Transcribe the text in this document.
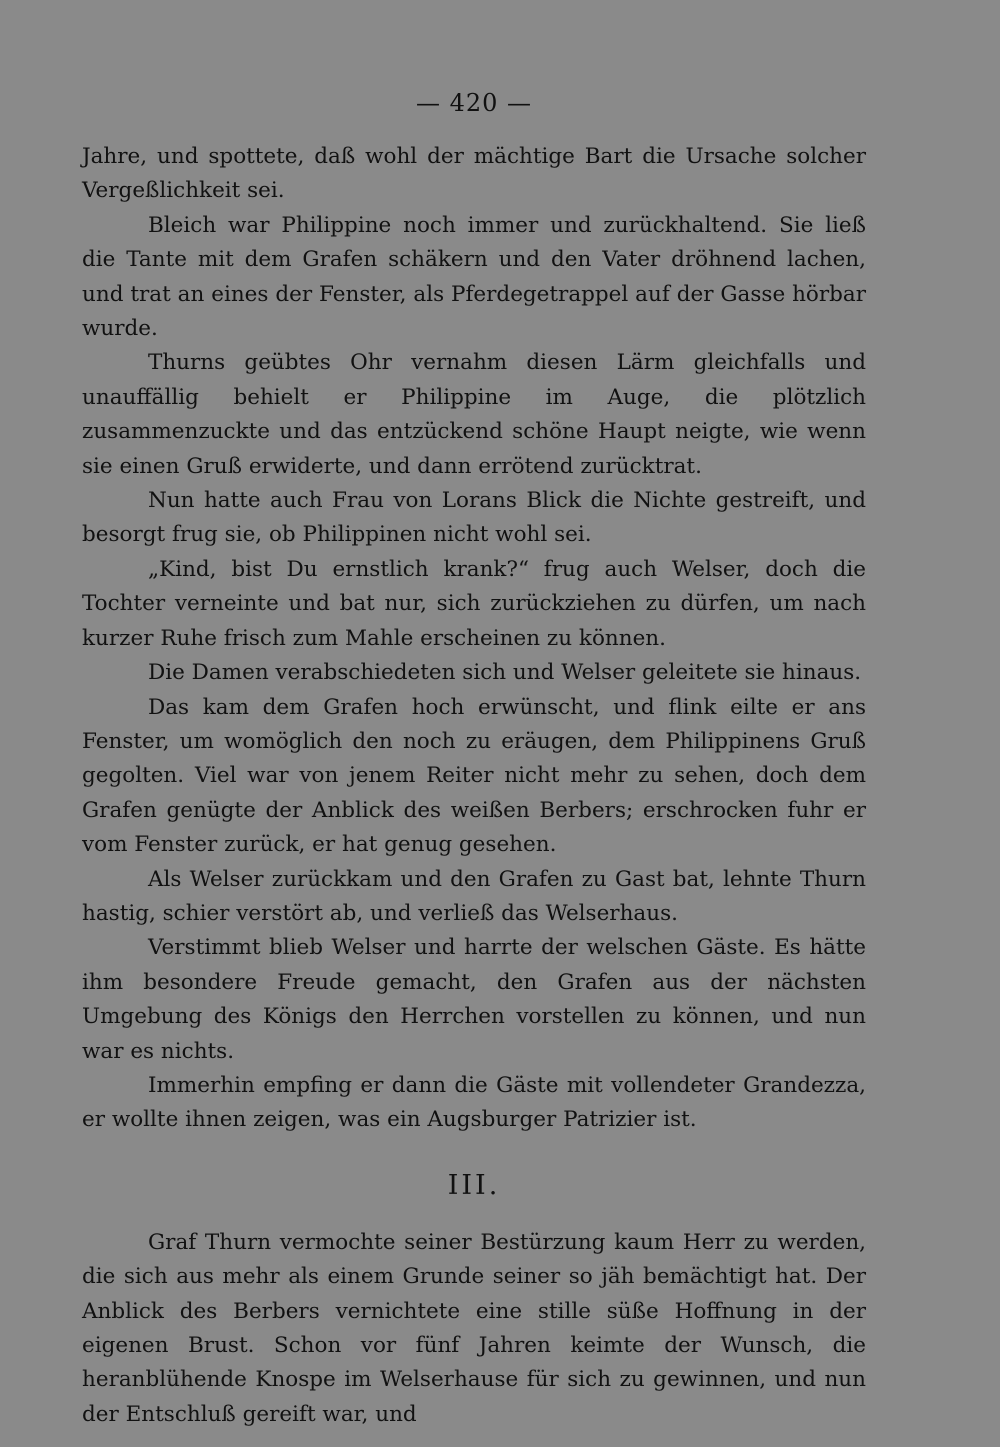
— 420 —

Jahre, und spottete, daß wohl der mächtige Bart die Ursache solcher Vergeßlichkeit sei.

Bleich war Philippine noch immer und zurückhaltend. Sie ließ die Tante mit dem Grafen schäkern und den Vater dröhnend lachen, und trat an eines der Fenster, als Pferdegetrappel auf der Gasse hörbar wurde.

Thurns geübtes Ohr vernahm diesen Lärm gleichfalls und unauffällig behielt er Philippine im Auge, die plötzlich zusammenzuckte und das entzückend schöne Haupt neigte, wie wenn sie einen Gruß erwiderte, und dann errötend zurücktrat.

Nun hatte auch Frau von Lorans Blick die Nichte gestreift, und besorgt frug sie, ob Philippinen nicht wohl sei.

„Kind, bist Du ernstlich krank?“ frug auch Welser, doch die Tochter verneinte und bat nur, sich zurückziehen zu dürfen, um nach kurzer Ruhe frisch zum Mahle erscheinen zu können.

Die Damen verabschiedeten sich und Welser geleitete sie hinaus.

Das kam dem Grafen hoch erwünscht, und flink eilte er ans Fenster, um womöglich den noch zu eräugen, dem Philippinens Gruß gegolten. Viel war von jenem Reiter nicht mehr zu sehen, doch dem Grafen genügte der Anblick des weißen Berbers; erschrocken fuhr er vom Fenster zurück, er hat genug gesehen.

Als Welser zurückkam und den Grafen zu Gast bat, lehnte Thurn hastig, schier verstört ab, und verließ das Welserhaus.

Verstimmt blieb Welser und harrte der welschen Gäste. Es hätte ihm besondere Freude gemacht, den Grafen aus der nächsten Umgebung des Königs den Herrchen vorstellen zu können, und nun war es nichts.

Immerhin empfing er dann die Gäste mit vollendeter Grandezza, er wollte ihnen zeigen, was ein Augsburger Patrizier ist.

III.

Graf Thurn vermochte seiner Bestürzung kaum Herr zu werden, die sich aus mehr als einem Grunde seiner so jäh bemächtigt hat. Der Anblick des Berbers vernichtete eine stille süße Hoffnung in der eigenen Brust. Schon vor fünf Jahren keimte der Wunsch, die heranblühende Knospe im Welserhause für sich zu gewinnen, und nun der Entschluß gereift war, und
